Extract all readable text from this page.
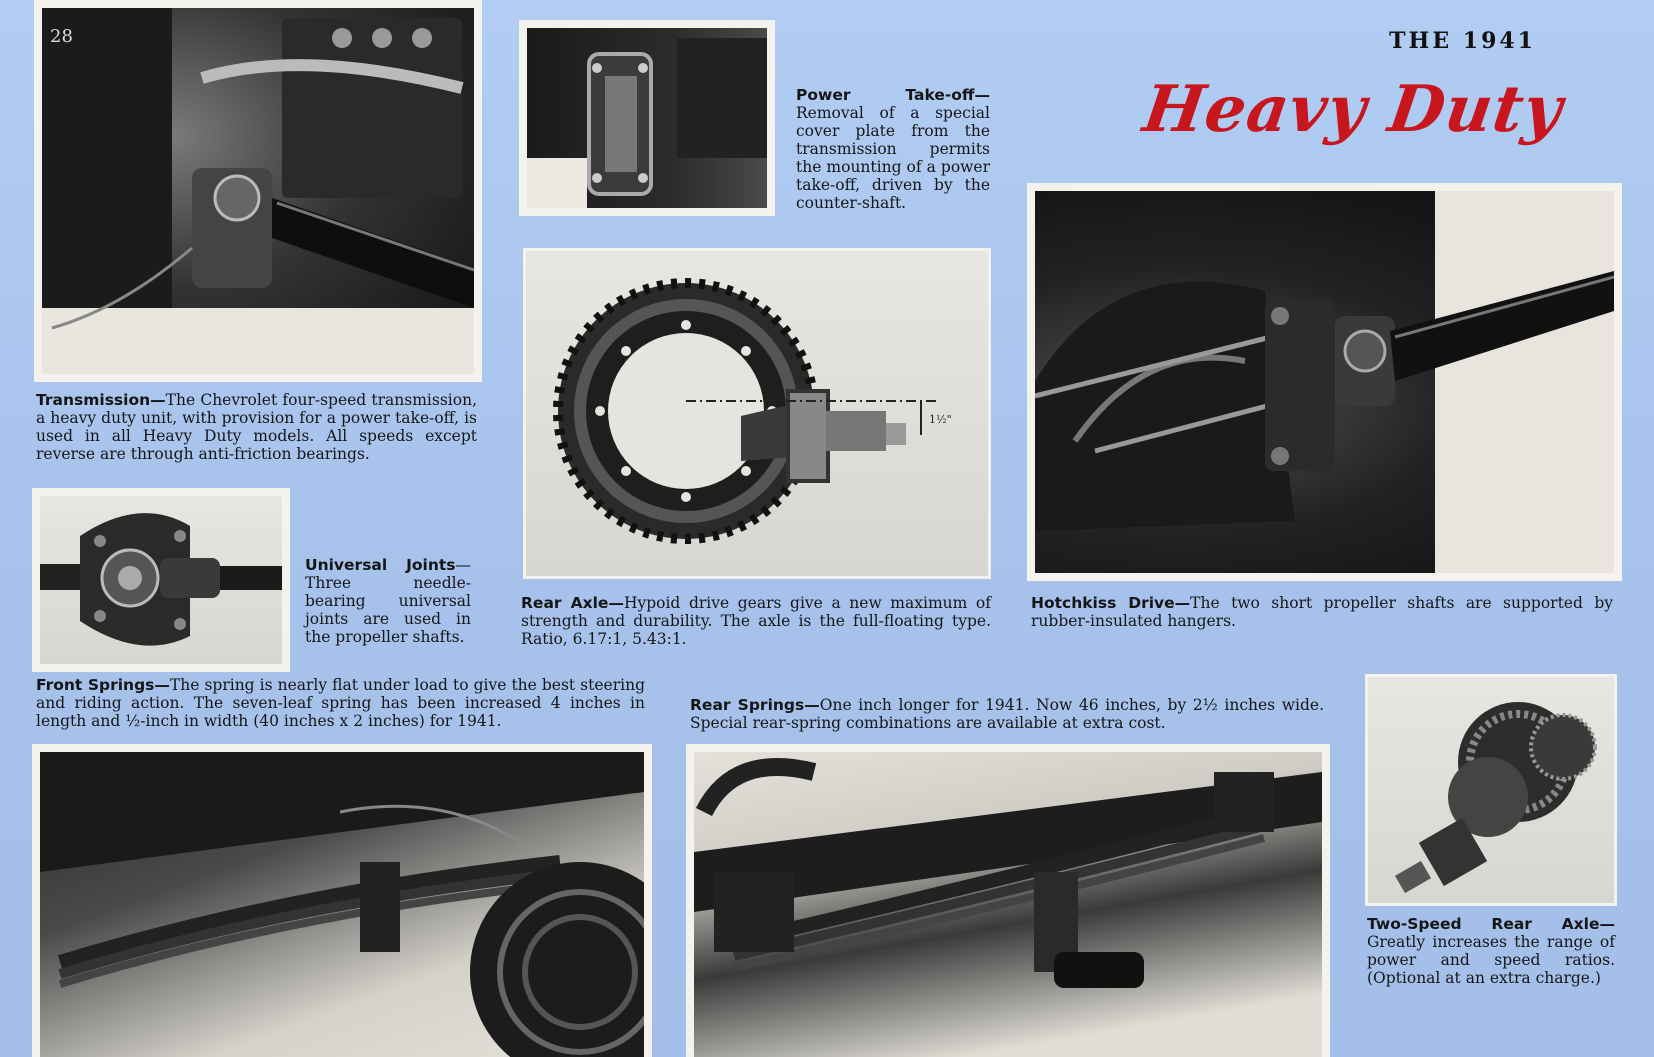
28	THE 1941
Heavy Duty
Transmission—The Chevrolet four-speed transmission, a heavy duty unit, with provision for a power take-off, is used in all Heavy Duty models. All speeds except reverse are through anti-friction bearings.
Power Take-off—Removal of a special cover plate from the transmission permits the mounting of a power take-off, driven by the counter-shaft.
1½"
Rear Axle—Hypoid drive gears give a new maximum of strength and durability. The axle is the full-floating type. Ratio, 6.17:1, 5.43:1.
Hotchkiss Drive—The two short propeller shafts are supported by rubber-insulated hangers.
Universal Joints—Three needle-bearing universal joints are used in the propeller shafts.
Front Springs—The spring is nearly flat under load to give the best steering and riding action. The seven-leaf spring has been increased 4 inches in length and ½-inch in width (40 inches x 2 inches) for 1941.
Rear Springs—One inch longer for 1941. Now 46 inches, by 2½ inches wide. Special rear-spring combinations are available at extra cost.
Two-Speed Rear Axle—Greatly increases the range of power and speed ratios. (Optional at an extra charge.)
